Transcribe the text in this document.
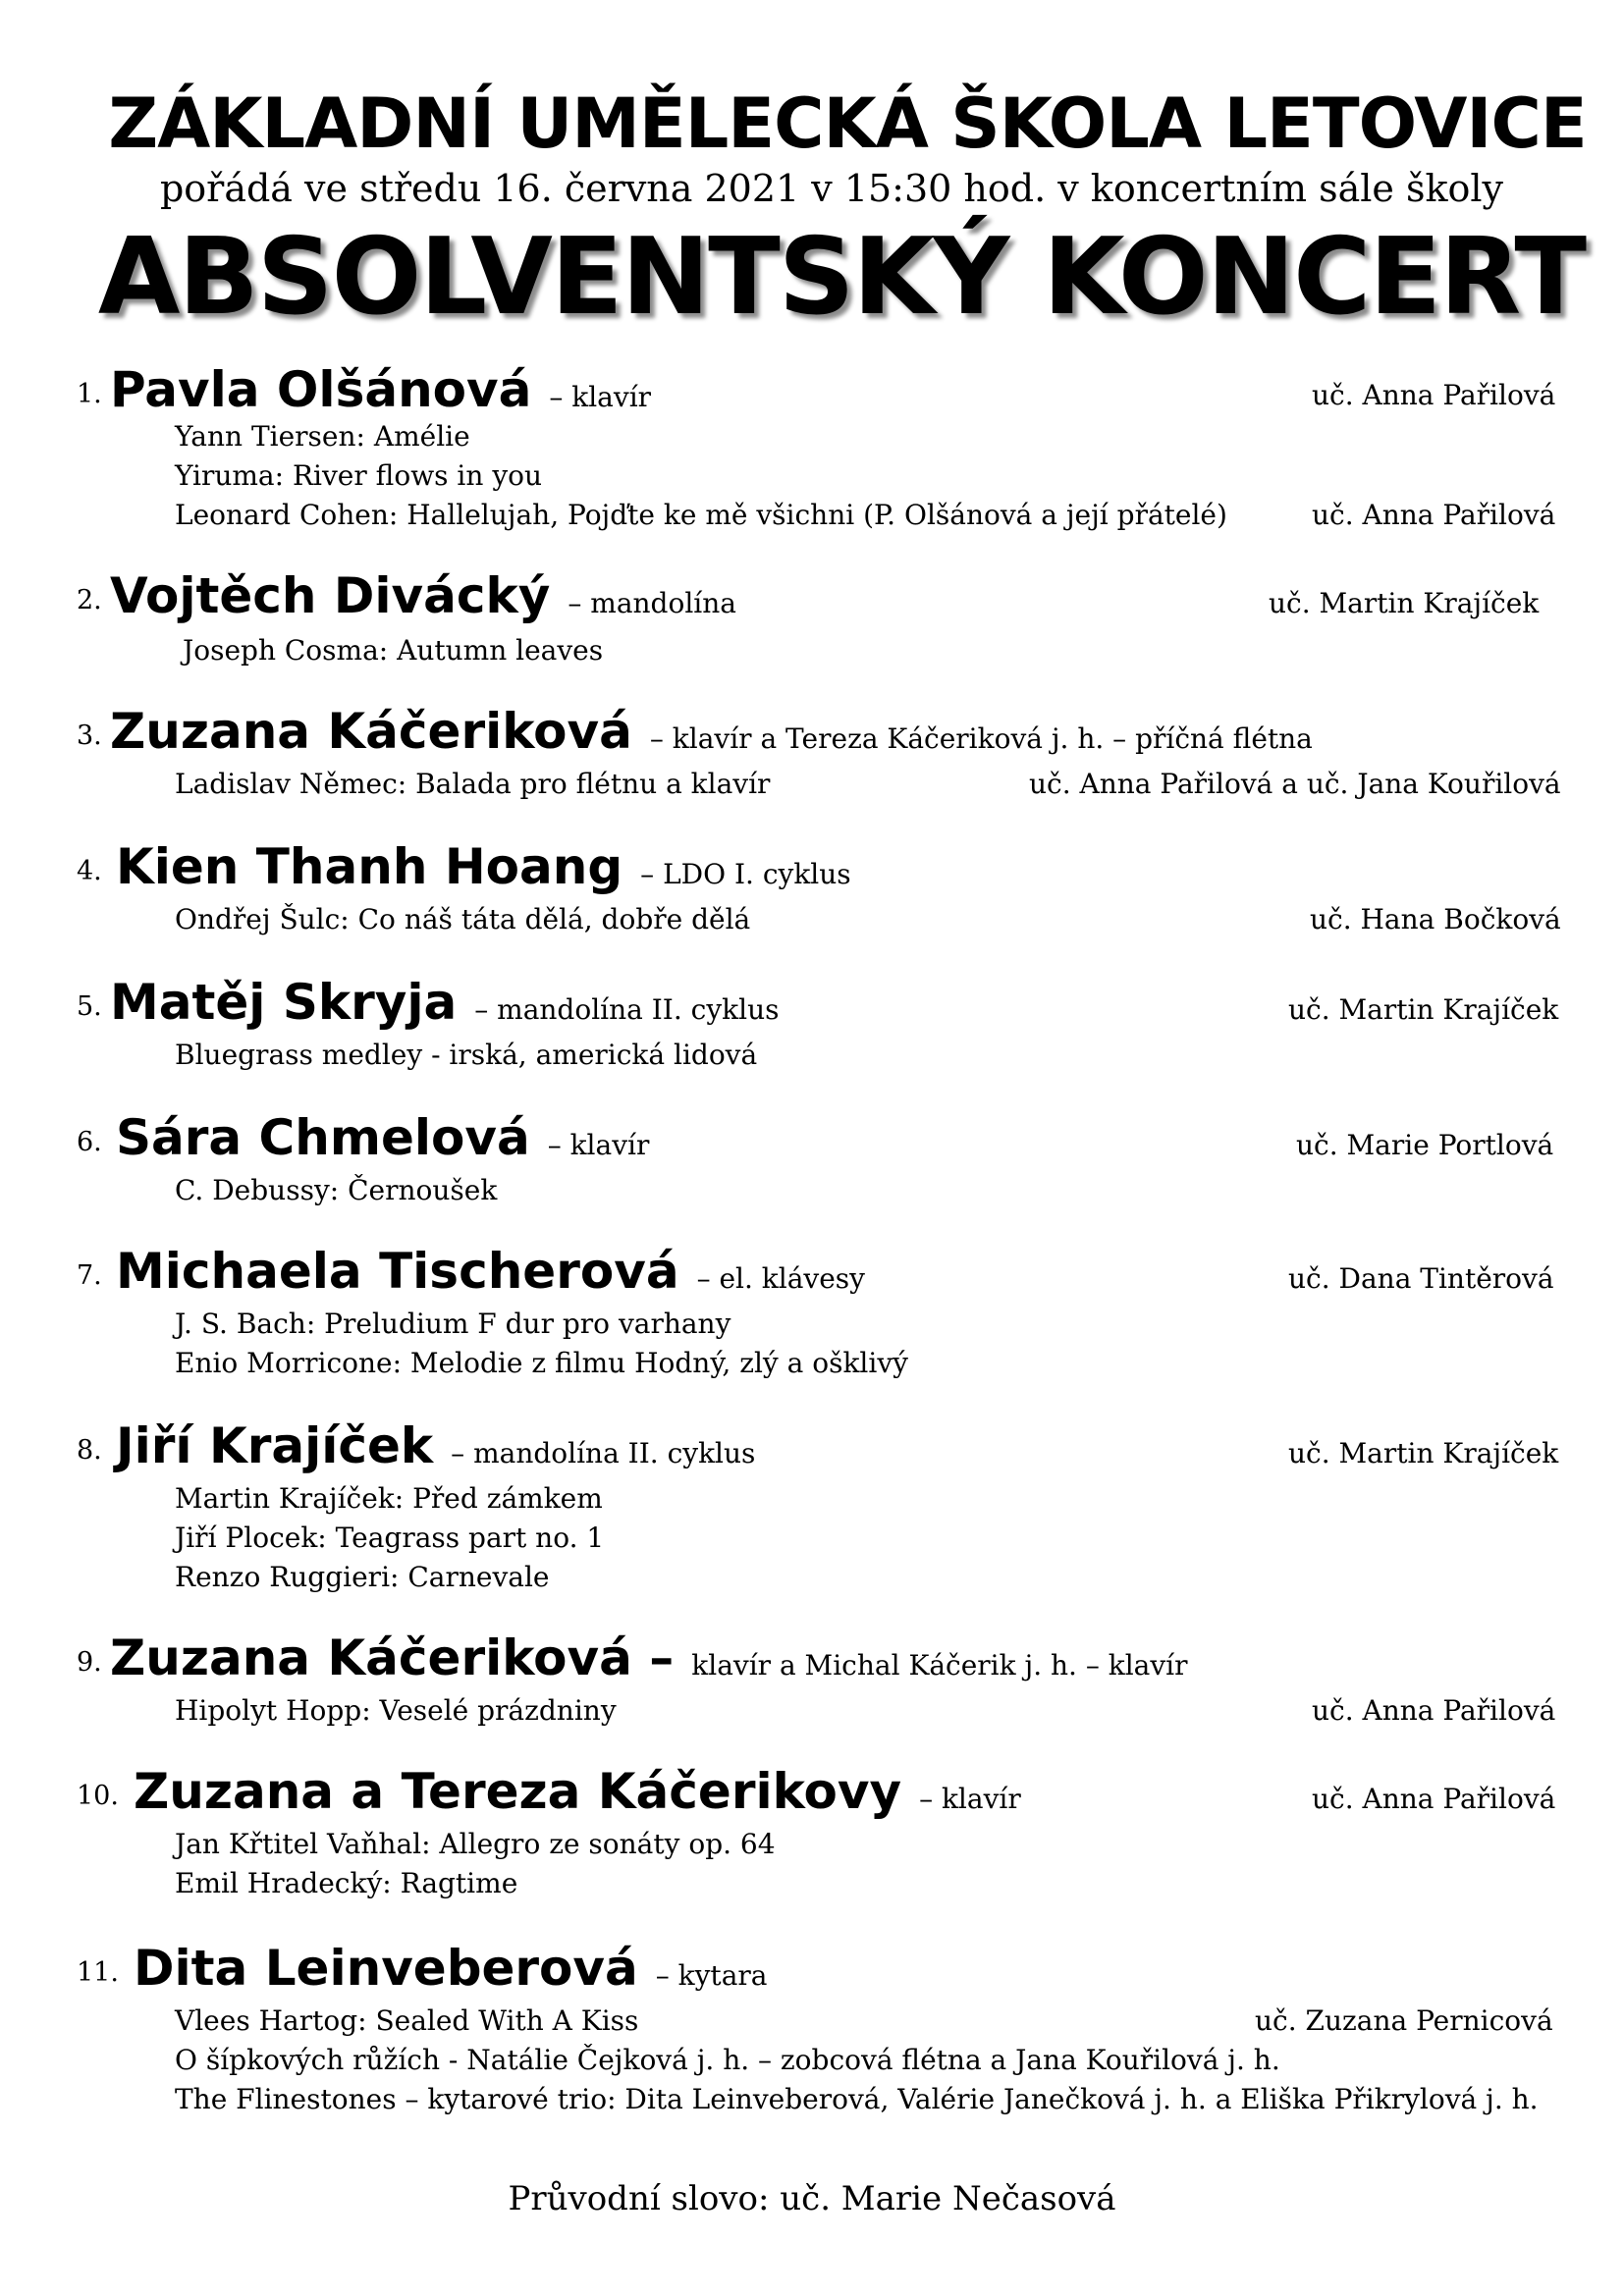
ZÁKLADNÍ UMĚLECKÁ ŠKOLA LETOVICE
pořádá ve středu 16. června 2021 v 15:30 hod. v koncertním sále školy
ABSOLVENTSKÝ KONCERT
1. Pavla Olšánová – klavír	uč. Anna Pařilová
Yann Tiersen: Amélie
Yiruma: River flows in you
Leonard Cohen: Hallelujah, Pojďte ke mě všichni (P. Olšánová a její přátelé)	uč. Anna Pařilová
2. Vojtěch Divácký – mandolína	uč. Martin Krajíček
Joseph Cosma: Autumn leaves
3. Zuzana Káčeriková – klavír a Tereza Káčeriková j. h. – příčná flétna
Ladislav Němec: Balada pro flétnu a klavír	uč. Anna Pařilová a uč. Jana Kouřilová
4. Kien Thanh Hoang – LDO I. cyklus
Ondřej Šulc: Co náš táta dělá, dobře dělá	uč. Hana Bočková
5. Matěj Skryja – mandolína II. cyklus	uč. Martin Krajíček
Bluegrass medley - irská, americká lidová
6. Sára Chmelová – klavír	uč. Marie Portlová
C. Debussy: Černoušek
7. Michaela Tischerová – el. klávesy	uč. Dana Tintěrová
J. S. Bach: Preludium F dur pro varhany
Enio Morricone: Melodie z filmu Hodný, zlý a ošklivý
8. Jiří Krajíček – mandolína II. cyklus	uč. Martin Krajíček
Martin Krajíček: Před zámkem
Jiří Plocek: Teagrass part no. 1
Renzo Ruggieri: Carnevale
9. Zuzana Káčeriková – klavír a Michal Káčerik j. h. – klavír
Hipolyt Hopp: Veselé prázdniny	uč. Anna Pařilová
10. Zuzana a Tereza Káčerikovy – klavír	uč. Anna Pařilová
Jan Křtitel Vaňhal: Allegro ze sonáty op. 64
Emil Hradecký: Ragtime
11. Dita Leinveberová – kytara
Vlees Hartog: Sealed With A Kiss	uč. Zuzana Pernicová
O šípkových růžích - Natálie Čejková j. h. – zobcová flétna a Jana Kouřilová j. h.
The Flinestones – kytarové trio: Dita Leinveberová, Valérie Janečková j. h. a Eliška Přikrylová j. h.
Průvodní slovo: uč. Marie Nečasová
